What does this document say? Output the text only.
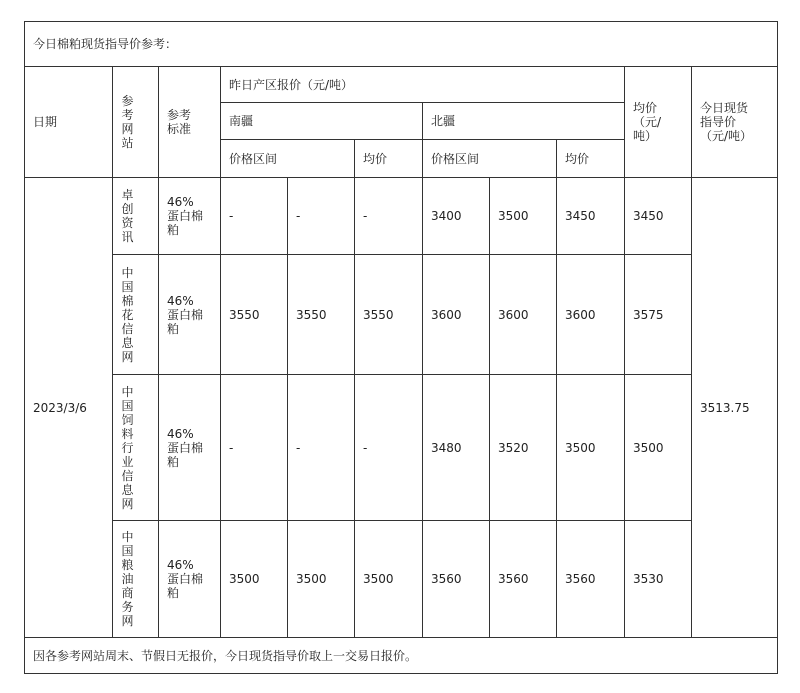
今日棉粕现货指导价参考：										
日期	参考网站	参考标准	昨日产区报价（元/吨）						均价（元/吨）	今日现货指导价（元/吨）
			南疆			北疆				
			价格区间		均价	价格区间		均价		
2023/3/6	卓创资讯	46%蛋白棉粕	-	-	-	3400	3500	3450	3450	3513.75
	中国棉花信息网	46%蛋白棉粕	3550	3550	3550	3600	3600	3600	3575	
	中国饲料行业信息网	46%蛋白棉粕	-	-	-	3480	3520	3500	3500	
	中国粮油商务网	46%蛋白棉粕	3500	3500	3500	3560	3560	3560	3530	
因各参考网站周末、节假日无报价，今日现货指导价取上一交易日报价。										
